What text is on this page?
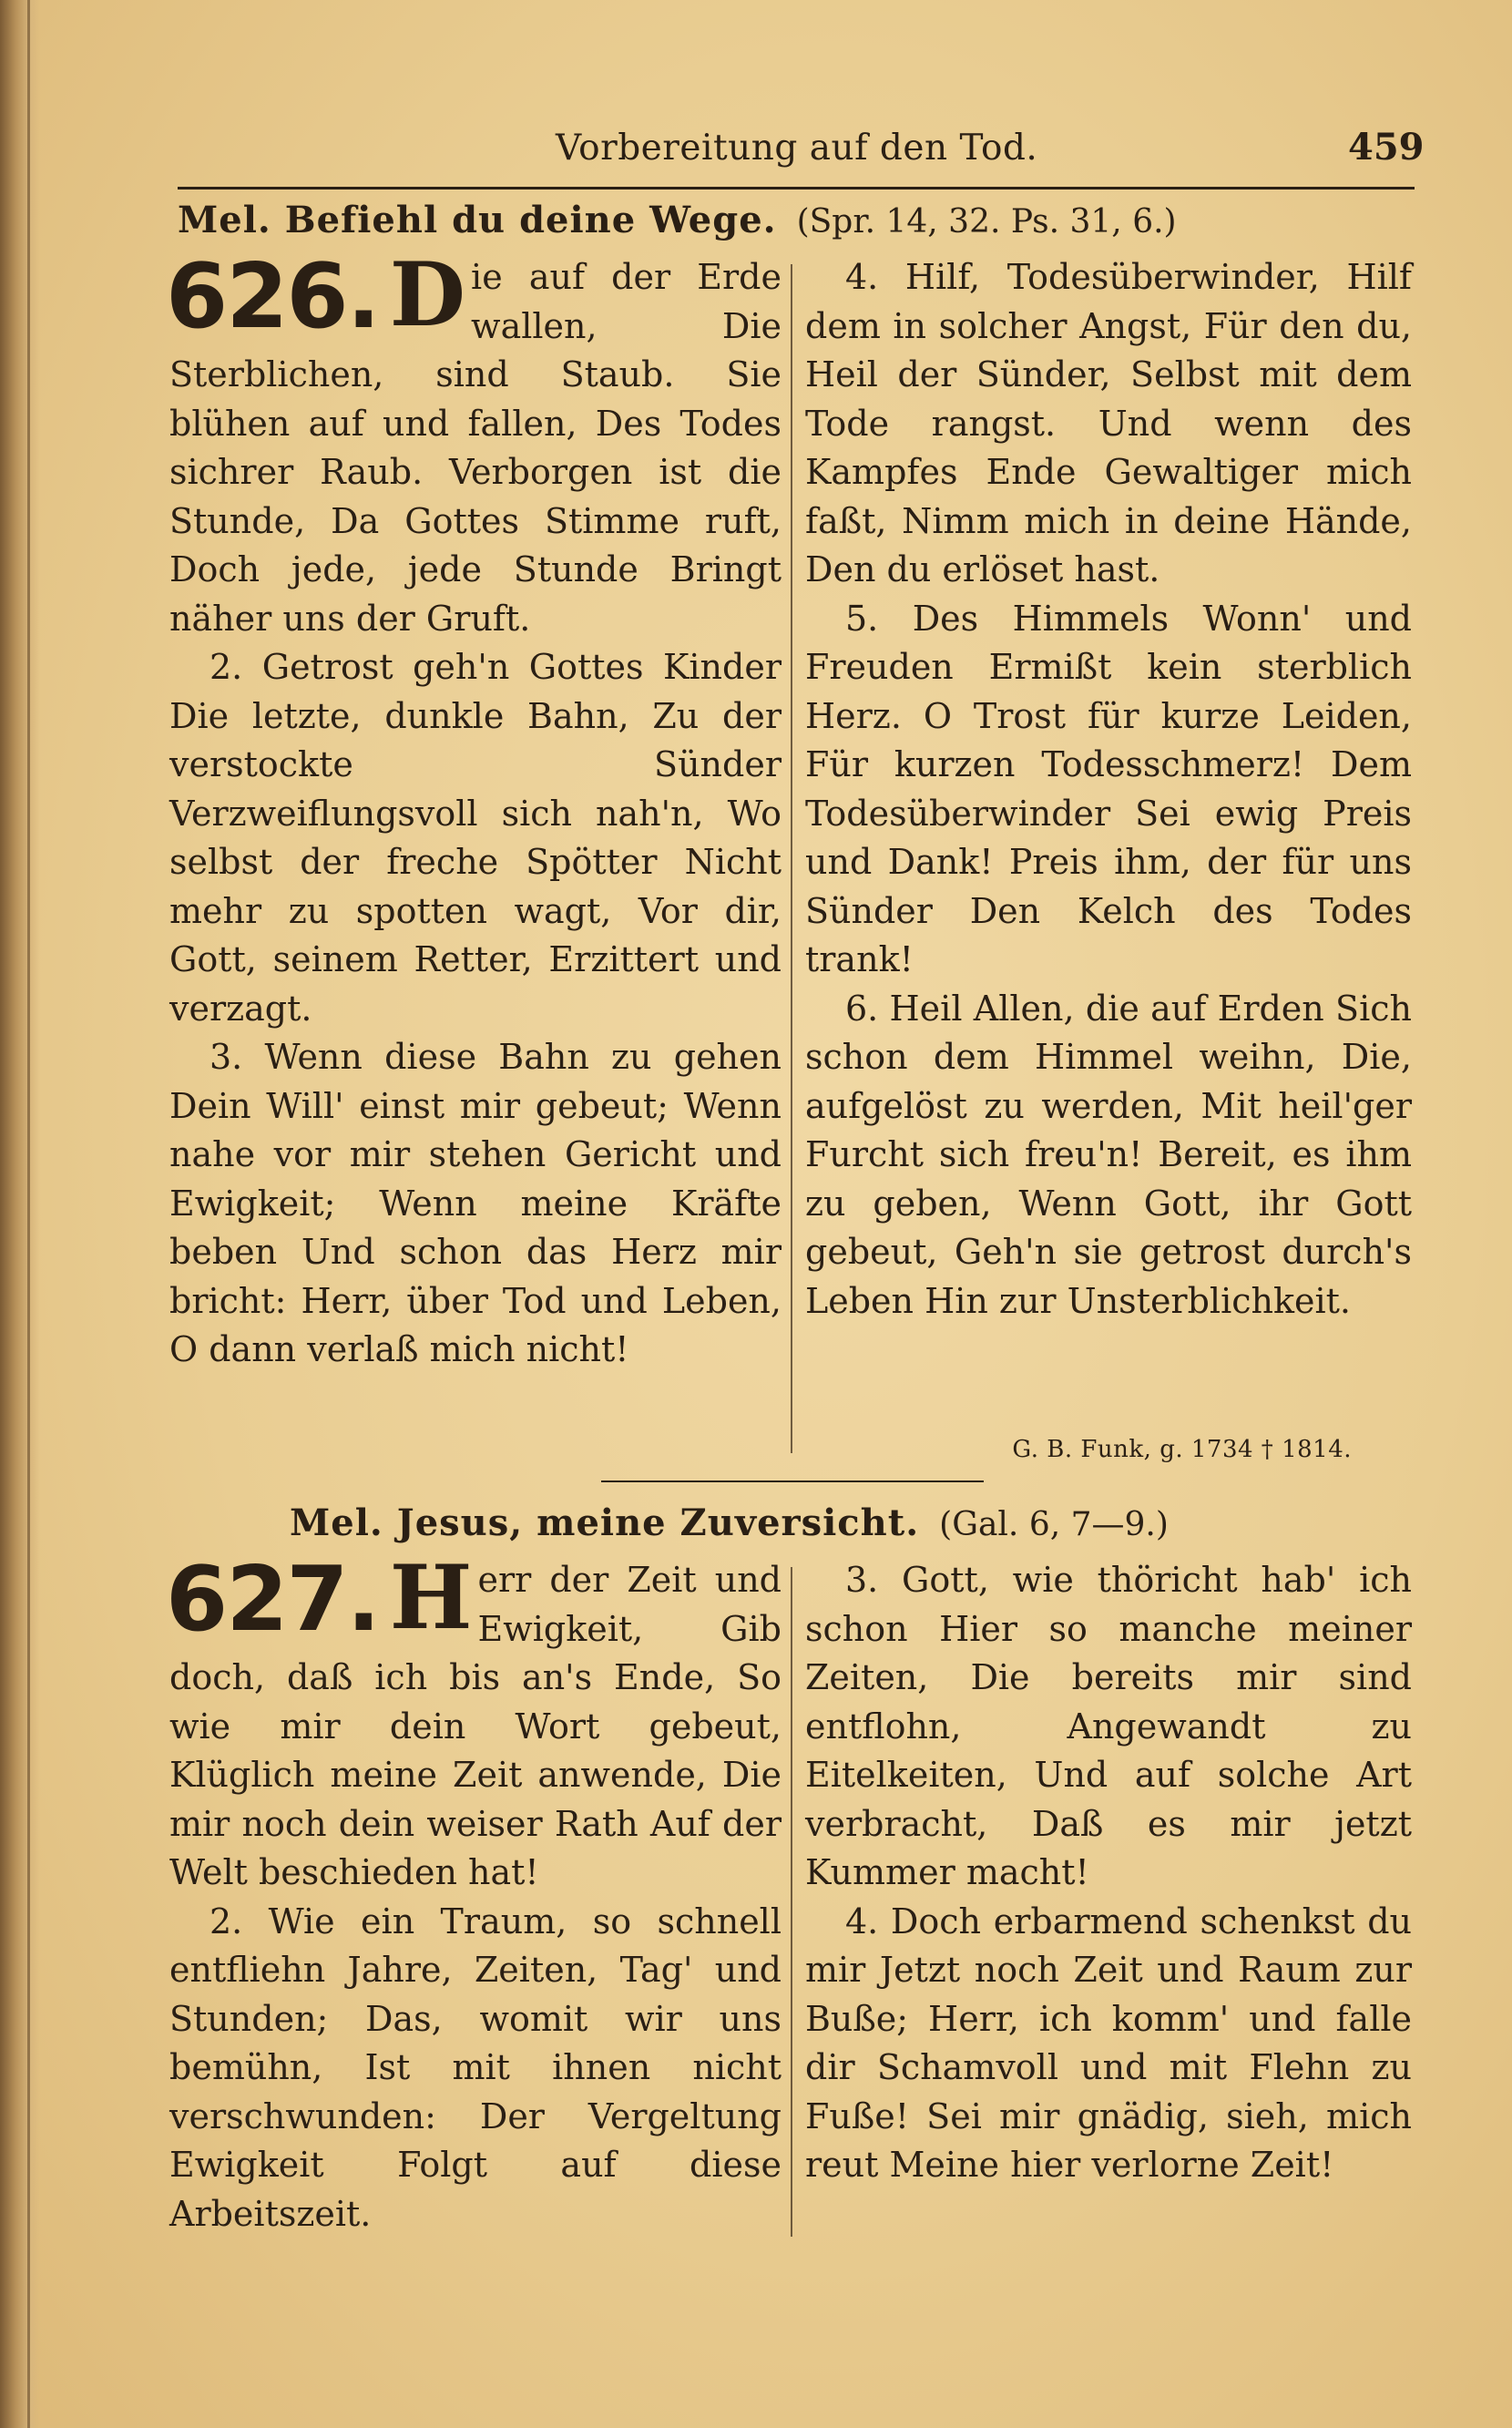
Vorbereitung auf den Tod.	459
Mel. Befiehl du deine Wege. (Spr. 14, 32. Ps. 31, 6.)

626. D ie auf der Erde wallen, Die Sterblichen, sind Staub. Sie blühen auf und fallen, Des Todes sichrer Raub. Verborgen ist die Stunde, Da Gottes Stimme ruft, Doch jede, jede Stunde Bringt näher uns der Gruft.

2. Getrost geh'n Gottes Kinder Die letzte, dunkle Bahn, Zu der verstockte Sünder Verzweiflungsvoll sich nah'n, Wo selbst der freche Spötter Nicht mehr zu spotten wagt, Vor dir, Gott, seinem Retter, Erzittert und verzagt.

3. Wenn diese Bahn zu gehen Dein Will' einst mir gebeut; Wenn nahe vor mir stehen Gericht und Ewigkeit; Wenn meine Kräfte beben Und schon das Herz mir bricht: Herr, über Tod und Leben, O dann verlaß mich nicht!

4. Hilf, Todesüberwinder, Hilf dem in solcher Angst, Für den du, Heil der Sünder, Selbst mit dem Tode rangst. Und wenn des Kampfes Ende Gewaltiger mich faßt, Nimm mich in deine Hände, Den du erlöset hast.

5. Des Himmels Wonn' und Freuden Ermißt kein sterblich Herz. O Trost für kurze Leiden, Für kurzen Todesschmerz! Dem Todesüberwinder Sei ewig Preis und Dank! Preis ihm, der für uns Sünder Den Kelch des Todes trank!

6. Heil Allen, die auf Erden Sich schon dem Himmel weihn, Die, aufgelöst zu werden, Mit heil'ger Furcht sich freu'n! Bereit, es ihm zu geben, Wenn Gott, ihr Gott gebeut, Geh'n sie getrost durch's Leben Hin zur Unsterblichkeit.

G. B. Funk, g. 1734 † 1814.
Mel. Jesus, meine Zuversicht. (Gal. 6, 7—9.)

627. H err der Zeit und Ewigkeit, Gib doch, daß ich bis an's Ende, So wie mir dein Wort gebeut, Klüglich meine Zeit anwende, Die mir noch dein weiser Rath Auf der Welt beschieden hat!

2. Wie ein Traum, so schnell entfliehn Jahre, Zeiten, Tag' und Stunden; Das, womit wir uns bemühn, Ist mit ihnen nicht verschwunden: Der Vergeltung Ewigkeit Folgt auf diese Arbeitszeit.

3. Gott, wie thöricht hab' ich schon Hier so manche meiner Zeiten, Die bereits mir sind entflohn, Angewandt zu Eitelkeiten, Und auf solche Art verbracht, Daß es mir jetzt Kummer macht!

4. Doch erbarmend schenkst du mir Jetzt noch Zeit und Raum zur Buße; Herr, ich komm' und falle dir Schamvoll und mit Flehn zu Fuße! Sei mir gnädig, sieh, mich reut Meine hier verlorne Zeit!
